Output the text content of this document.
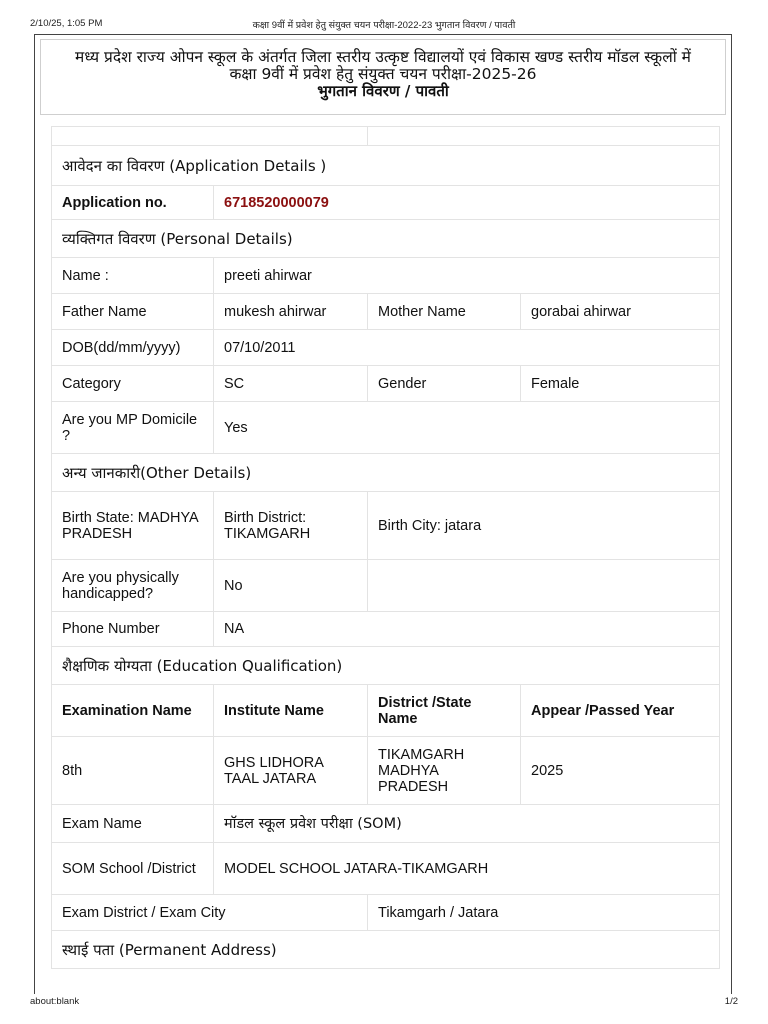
2/10/25, 1:05 PM	कक्षा 9वीं में प्रवेश हेतु संयुक्त चयन परीक्षा-2022-23 भुगतान विवरण / पावती
मध्य प्रदेश राज्य ओपन स्कूल के अंतर्गत जिला स्तरीय उत्कृष्ट विद्यालयों एवं विकास खण्ड स्तरीय मॉडल स्कूलों में
कक्षा 9वीं में प्रवेश हेतु संयुक्त चयन परीक्षा-2025-26
भुगतान विवरण / पावती

आवेदन का विवरण (Application Details )			
Application no.	6718520000079		
व्यक्तिगत विवरण (Personal Details)			
Name :	preeti ahirwar		
Father Name	mukesh ahirwar	Mother Name	gorabai ahirwar
DOB(dd/mm/yyyy)	07/10/2011		
Category	SC	Gender	Female
Are you MP Domicile ?	Yes		
अन्य जानकारी(Other Details)			
Birth State: MADHYA PRADESH	Birth District: TIKAMGARH	Birth City: jatara	
Are you physically handicapped?	No		
Phone Number	NA		
शैक्षणिक योग्यता (Education Qualification)			
Examination Name	Institute Name	District /State Name	Appear /Passed Year
8th	GHS LIDHORA TAAL JATARA	TIKAMGARH MADHYA PRADESH	2025
Exam Name	मॉडल स्कूल प्रवेश परीक्षा (SOM)		
SOM School /District	MODEL SCHOOL JATARA-TIKAMGARH		
Exam District / Exam City		Tikamgarh / Jatara	
स्थाई पता (Permanent Address)			
about:blank	1/2
